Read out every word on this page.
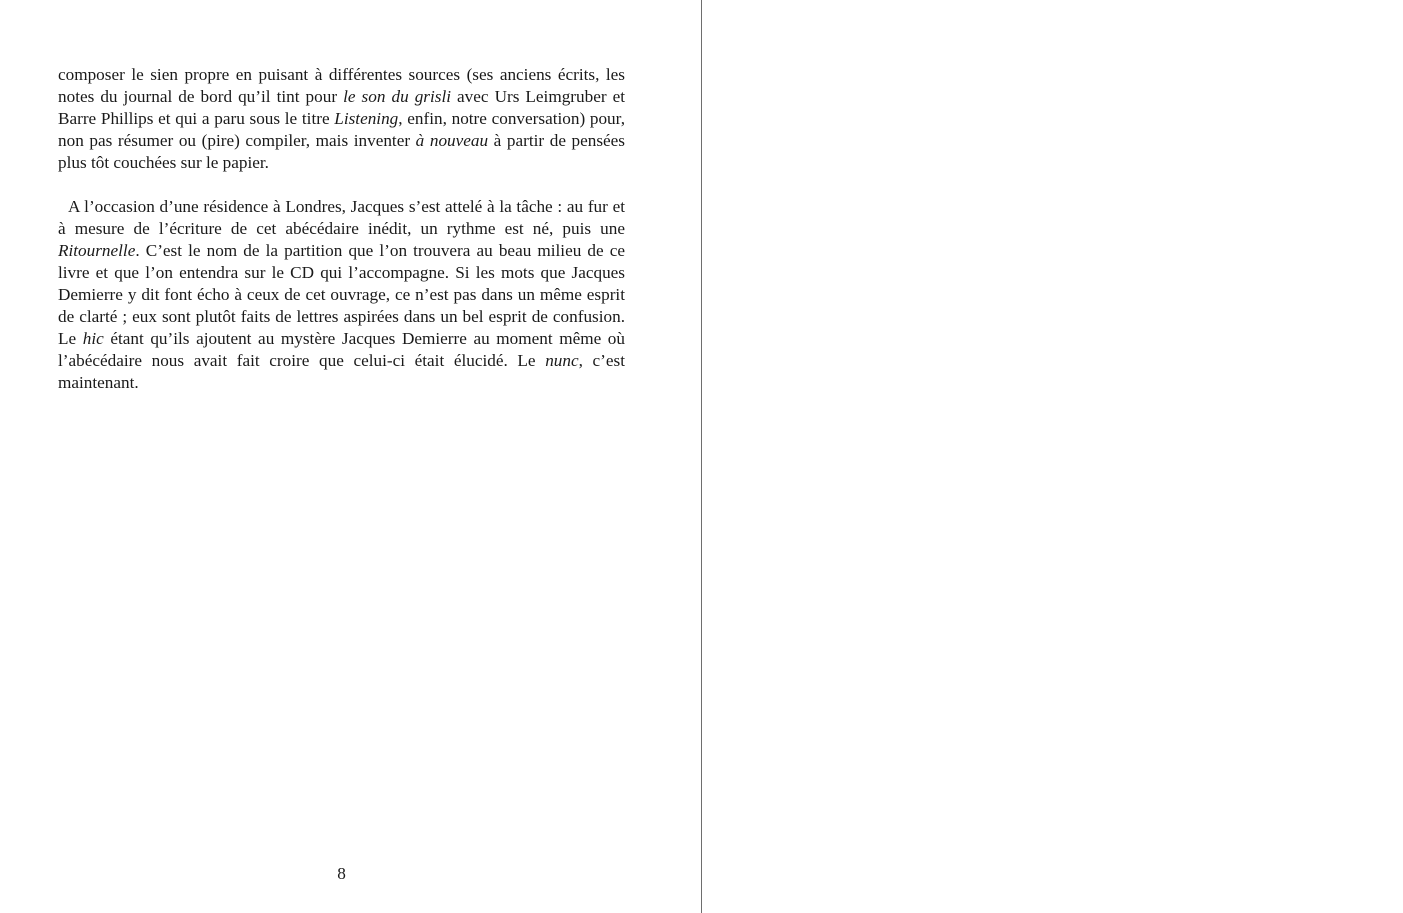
composer le sien propre en puisant à différentes sources (ses anciens écrits, les notes du journal de bord qu’il tint pour le son du grisli avec Urs Leimgruber et Barre Phillips et qui a paru sous le titre Listening, enfin, notre conversation) pour, non pas résumer ou (pire) compiler, mais inventer à nouveau à partir de pensées plus tôt couchées sur le papier.

A l’occasion d’une résidence à Londres, Jacques s’est attelé à la tâche : au fur et à mesure de l’écriture de cet abécédaire inédit, un rythme est né, puis une Ritournelle. C’est le nom de la partition que l’on trouvera au beau milieu de ce livre et que l’on entendra sur le CD qui l’accompagne. Si les mots que Jacques Demierre y dit font écho à ceux de cet ouvrage, ce n’est pas dans un même esprit de clarté ; eux sont plutôt faits de lettres aspirées dans un bel esprit de confusion. Le hic étant qu’ils ajoutent au mystère Jacques Demierre au moment même où l’abécédaire nous avait fait croire que celui-ci était élucidé. Le nunc, c’est maintenant.

8
